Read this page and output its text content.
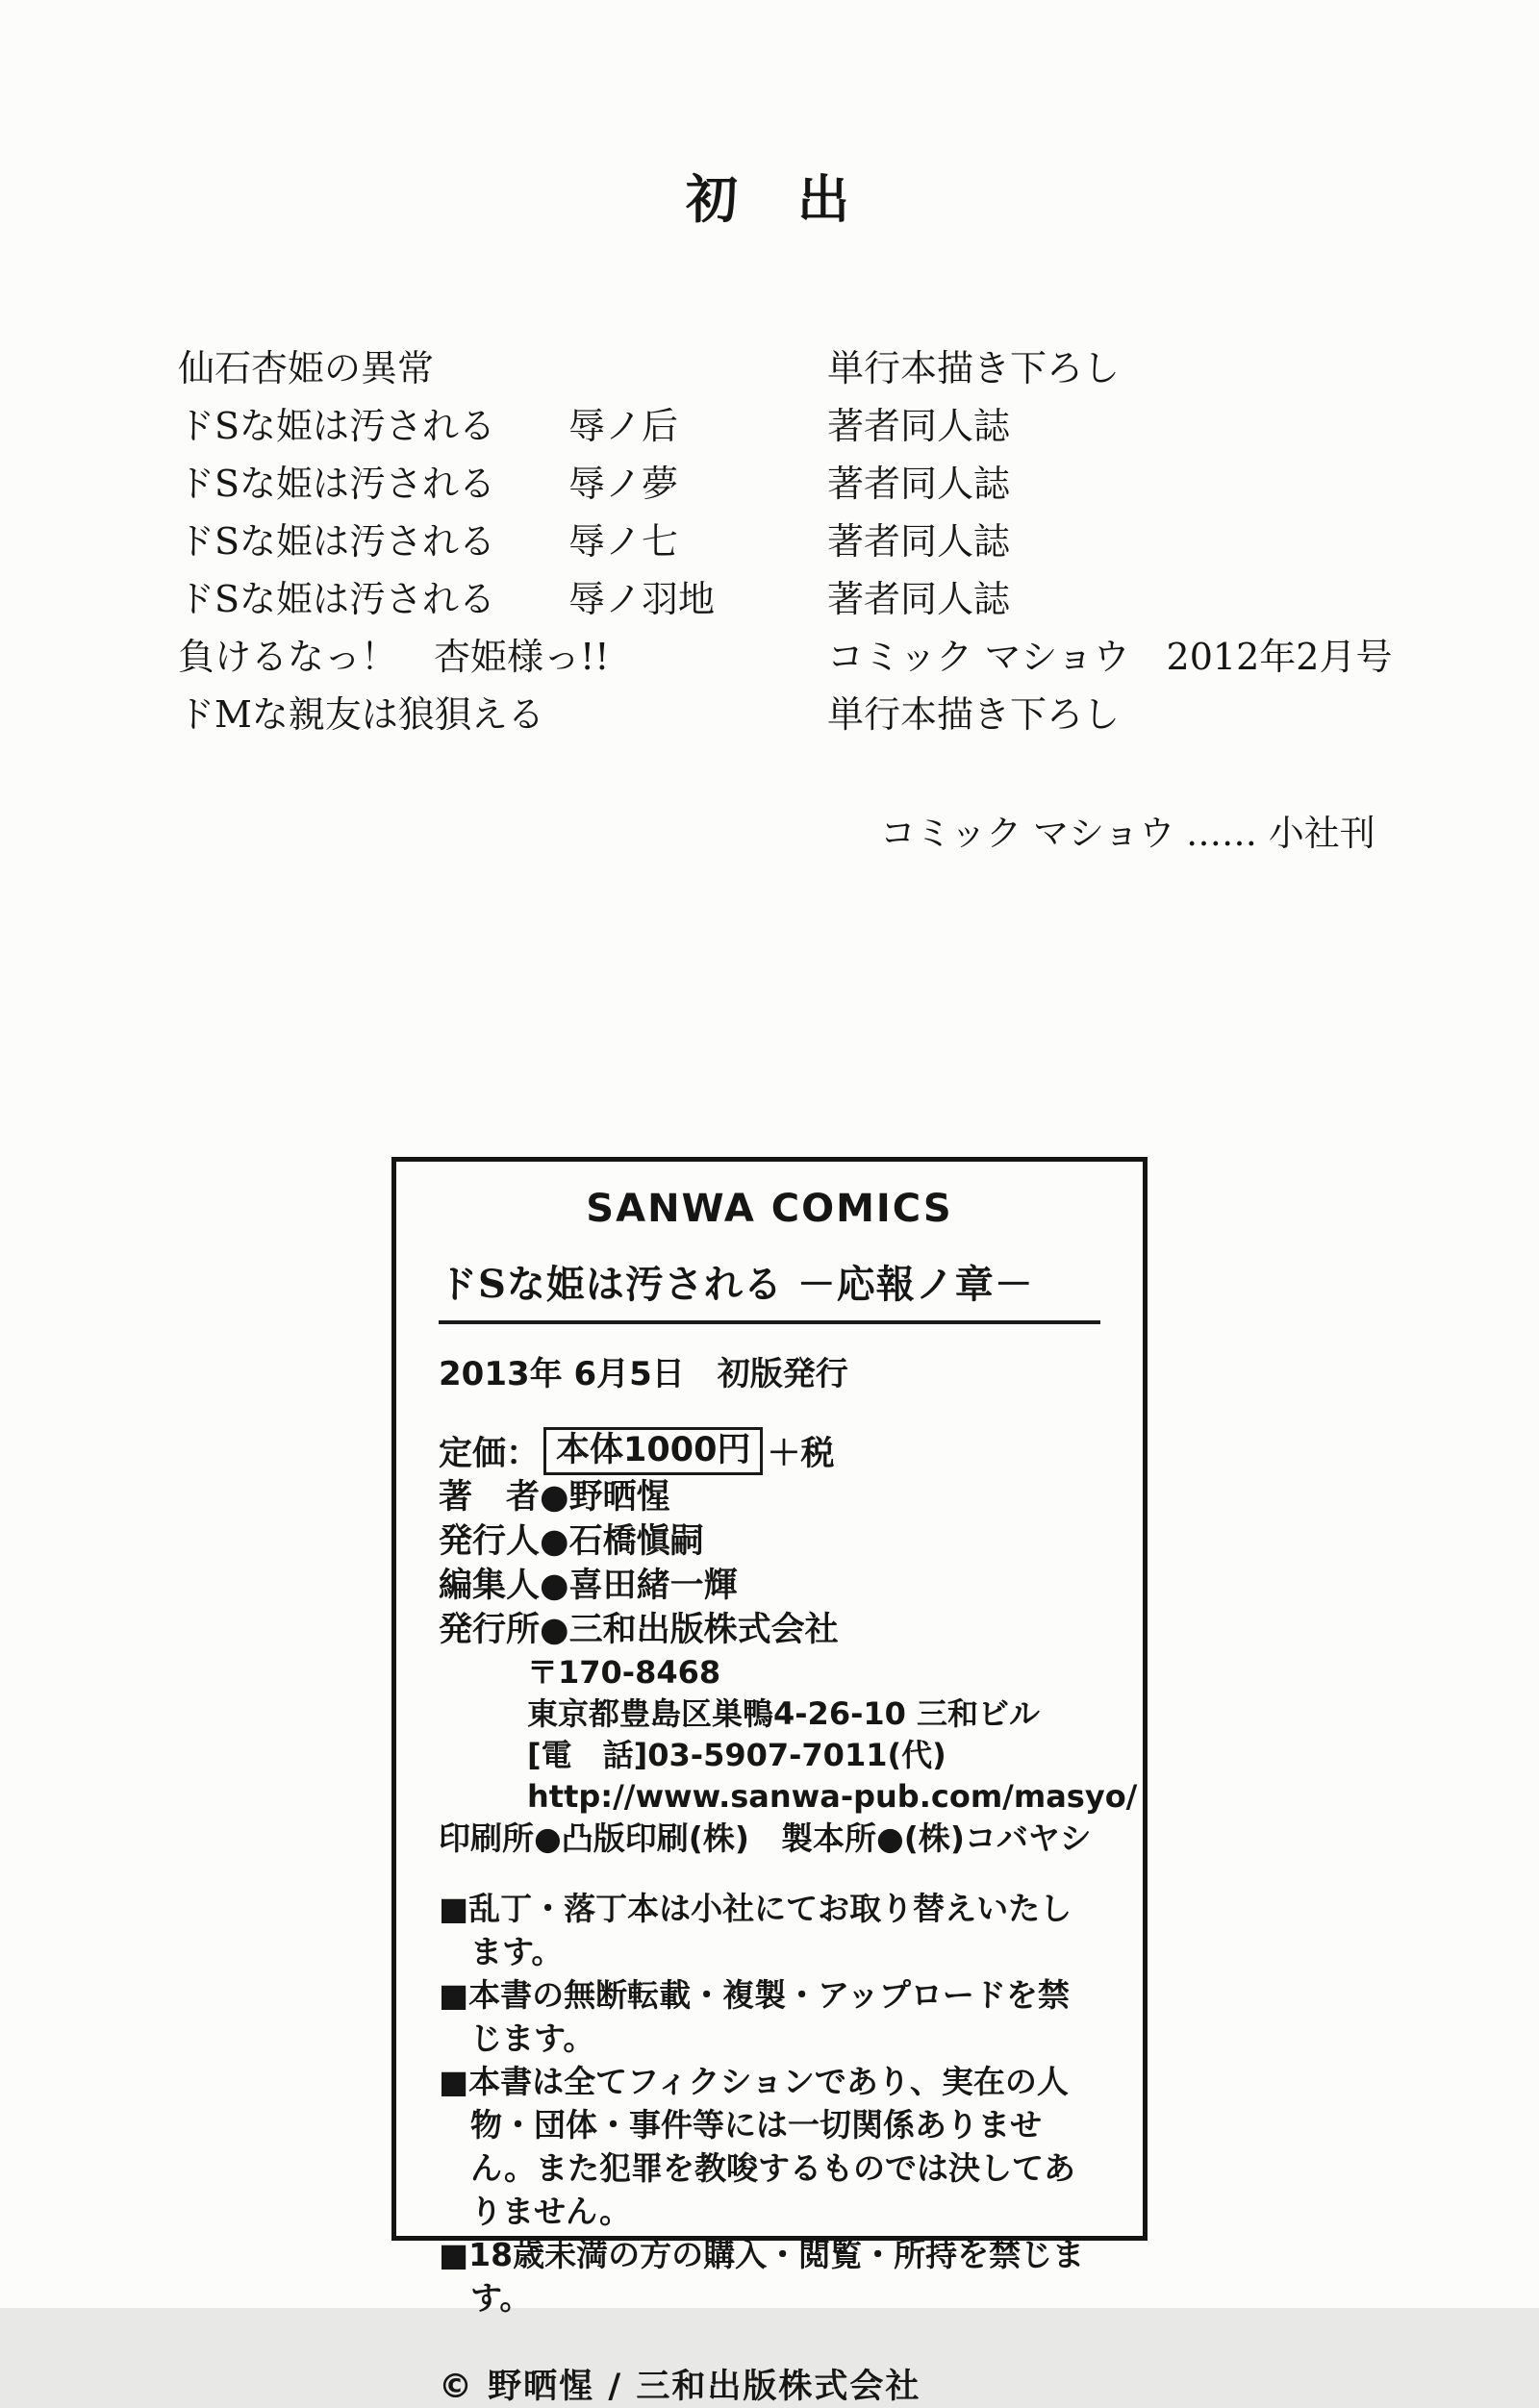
初　出
仙石杏姫の異常	単行本描き下ろし
ドSな姫は汚される　　辱ノ后	著者同人誌
ドSな姫は汚される　　辱ノ夢	著者同人誌
ドSな姫は汚される　　辱ノ七	著者同人誌
ドSな姫は汚される　　辱ノ羽地	著者同人誌
負けるなっ！　杏姫様っ!!	コミック マショウ　2012年2月号
ドMな親友は狼狽える	単行本描き下ろし
コミック マショウ …… 小社刊
SANWA COMICS
ドSな姫は汚される －応報ノ章－
2013年 6月5日　初版発行
定価： 本体1000円 ＋税
著　者●野晒惺
発行人●石橋愼嗣
編集人●喜田緒一輝
発行所●三和出版株式会社
〒170-8468
東京都豊島区巣鴨4-26-10 三和ビル
[電　話]03-5907-7011(代)
http://www.sanwa-pub.com/masyo/
印刷所●凸版印刷(株)　製本所●(株)コバヤシ

■乱丁・落丁本は小社にてお取り替えいたします。

■本書の無断転載・複製・アップロードを禁じます。

■本書は全てフィクションであり、実在の人物・団体・事件等には一切関係ありません。また犯罪を教唆するものでは決してありません。

■18歳未満の方の購入・閲覧・所持を禁じます。

© 野晒惺 / 三和出版株式会社
